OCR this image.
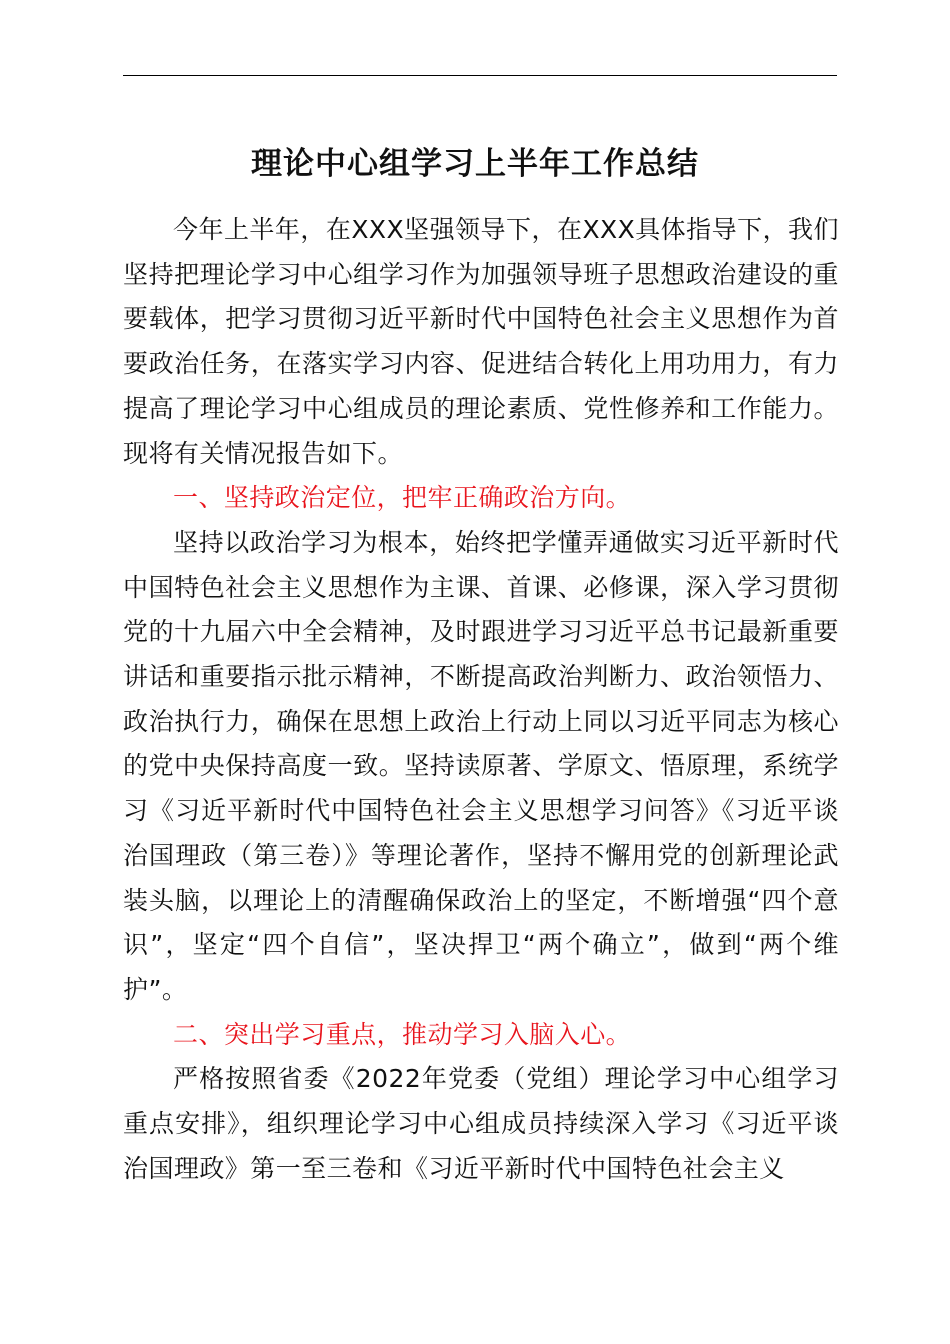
理论中心组学习上半年工作总结

今年上半年，在XXX坚强领导下，在XXX具体指导下，我们坚持把理论学习中心组学习作为加强领导班子思想政治建设的重要载体，把学习贯彻习近平新时代中国特色社会主义思想作为首要政治任务，在落实学习内容、促进结合转化上用功用力，有力提高了理论学习中心组成员的理论素质、党性修养和工作能力。现将有关情况报告如下。

一、坚持政治定位，把牢正确政治方向。

坚持以政治学习为根本，始终把学懂弄通做实习近平新时代中国特色社会主义思想作为主课、首课、必修课，深入学习贯彻党的十九届六中全会精神，及时跟进学习习近平总书记最新重要讲话和重要指示批示精神，不断提高政治判断力、政治领悟力、政治执行力，确保在思想上政治上行动上同以习近平同志为核心的党中央保持高度一致。坚持读原著、学原文、悟原理，系统学习《习近平新时代中国特色社会主义思想学习问答》《习近平谈治国理政（第三卷）》等理论著作，坚持不懈用党的创新理论武装头脑，以理论上的清醒确保政治上的坚定，不断增强“四个意识”，坚定“四个自信”，坚决捍卫“两个确立”，做到“两个维护”。

二、突出学习重点，推动学习入脑入心。

严格按照省委《2022年党委（党组）理论学习中心组学习重点安排》，组织理论学习中心组成员持续深入学习《习近平谈治国理政》第一至三卷和《习近平新时代中国特色社会主义
